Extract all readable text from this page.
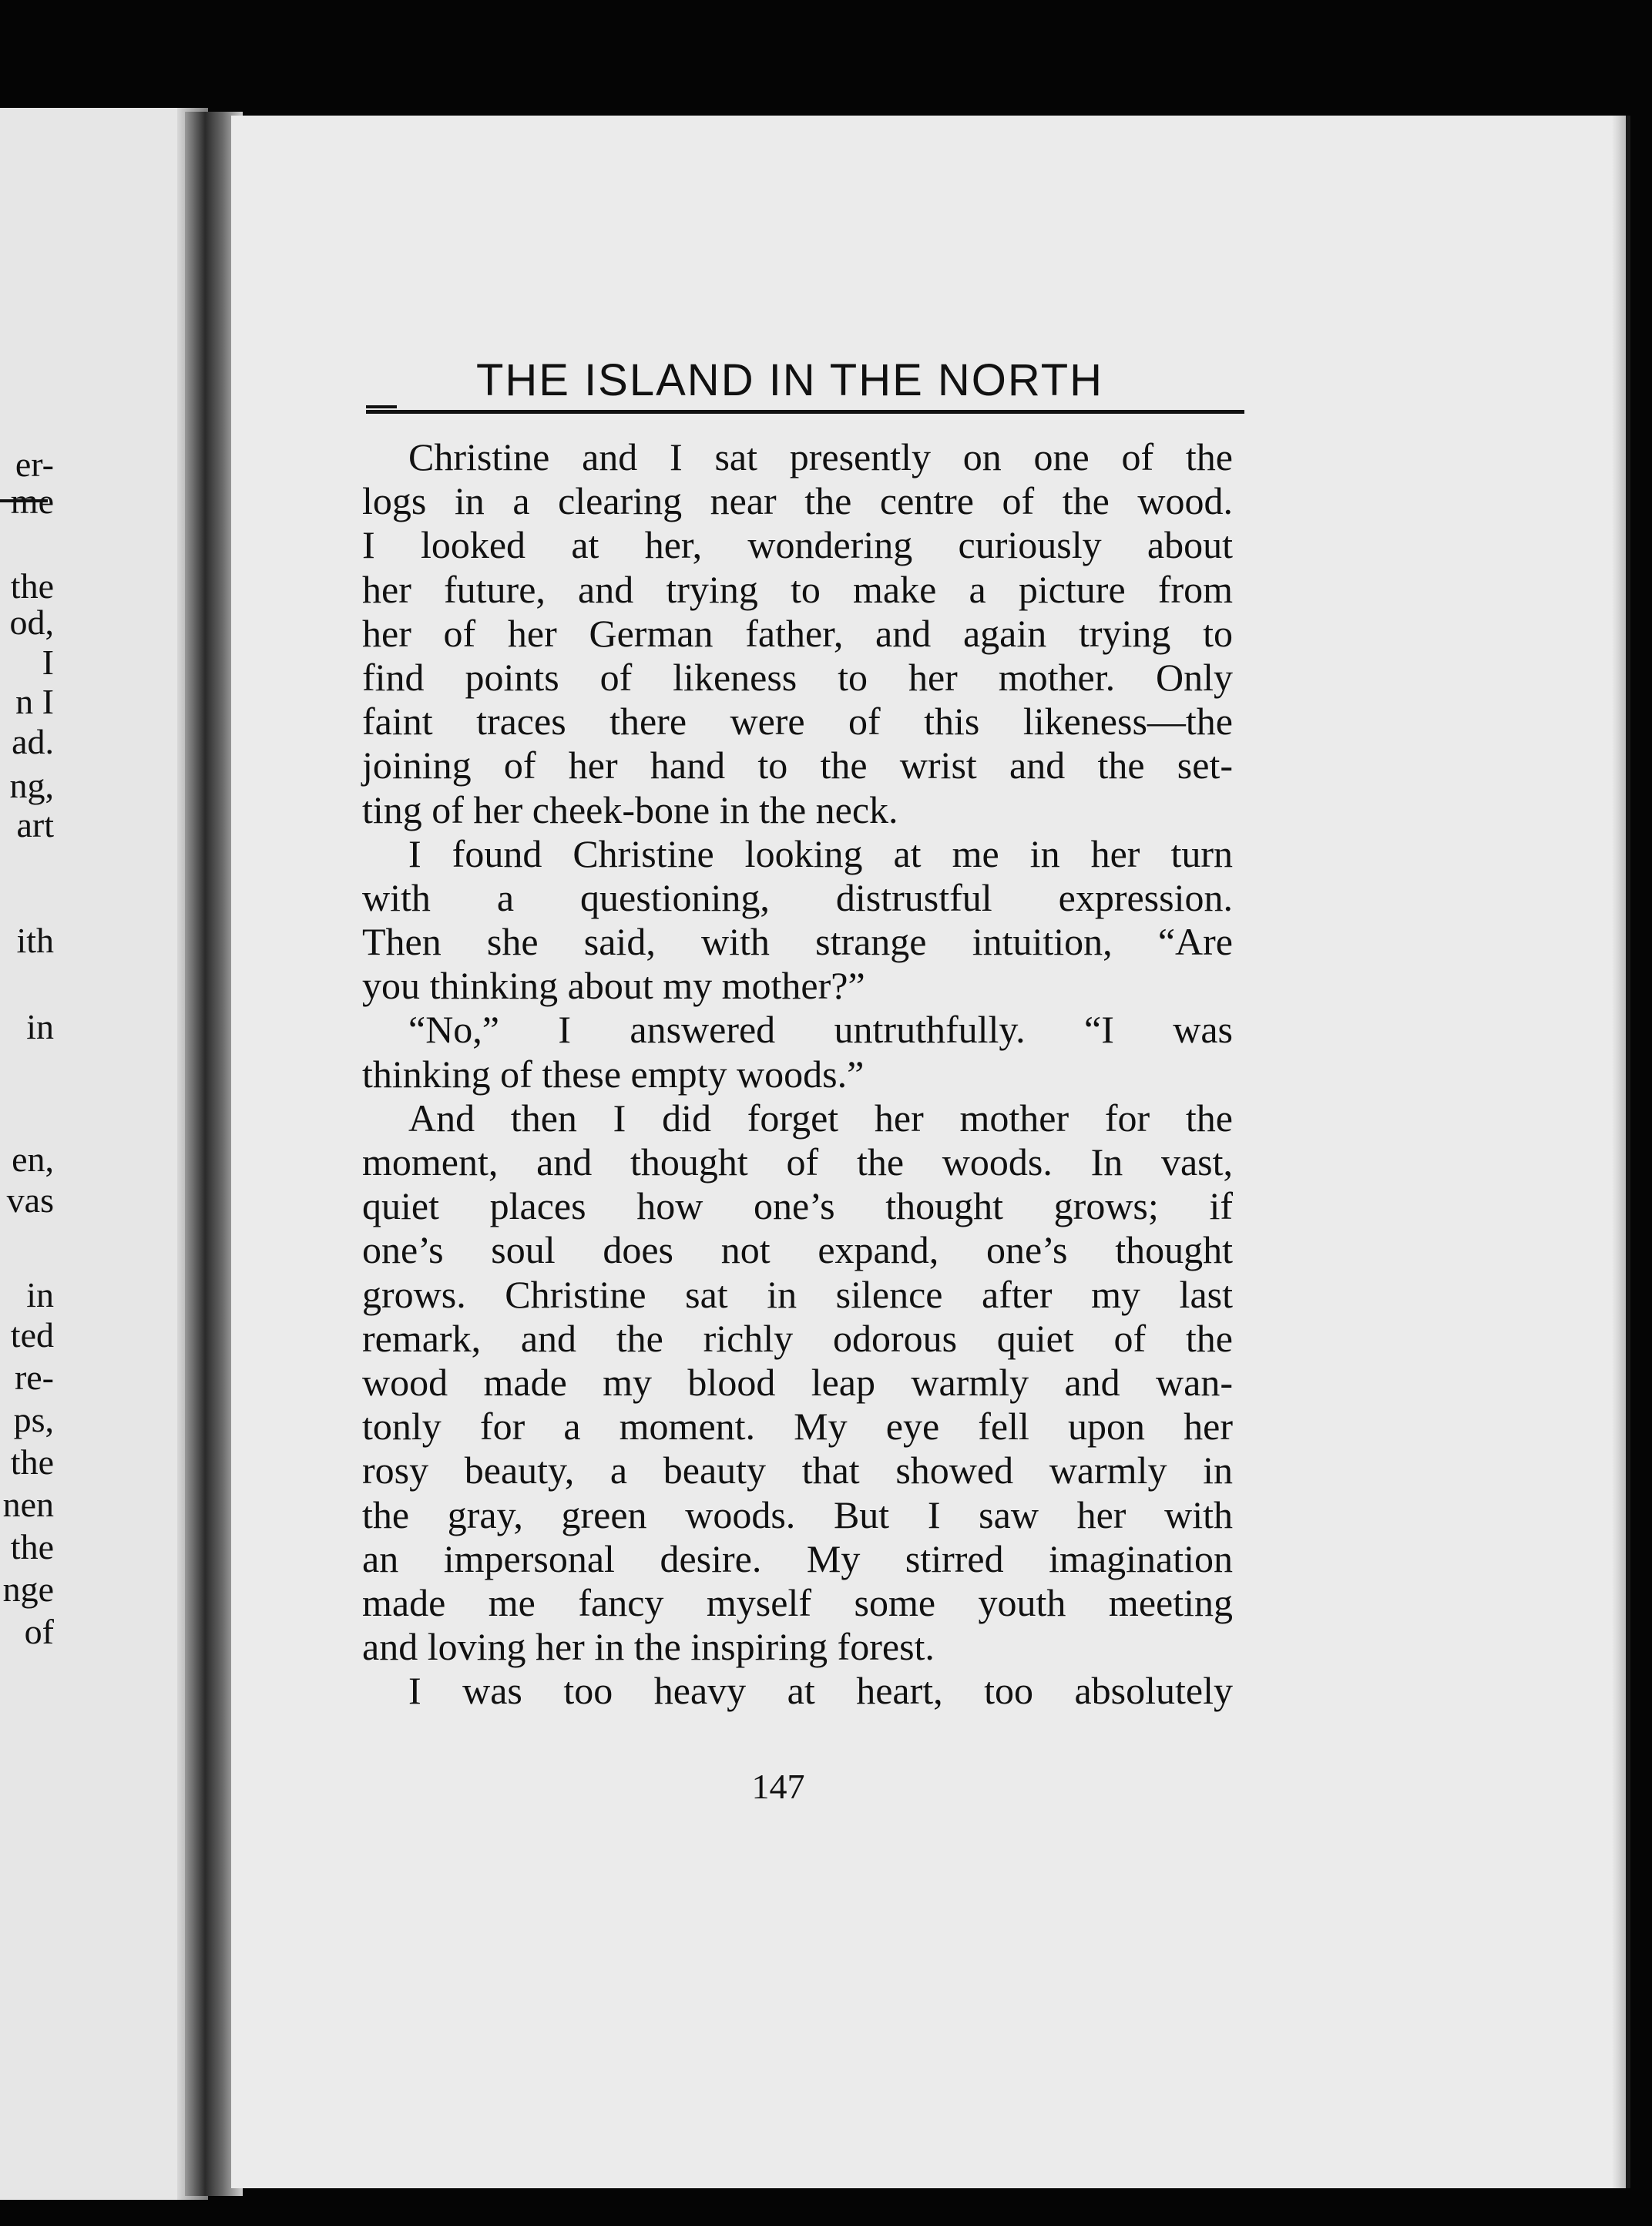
er-
me
the
od,
I
n I
ad.
ng,
art
ith
in
en,
vas
in
ted
re-
ps,
the
nen
the
nge
of
THE ISLAND IN THE NORTH
Christine and I sat presently on one of the
logs in a clearing near the centre of the wood.
I looked at her, wondering curiously about
her future, and trying to make a picture from
her of her German father, and again trying to
find points of likeness to her mother. Only
faint traces there were of this likeness—the
joining of her hand to the wrist and the set-
ting of her cheek-bone in the neck.
I found Christine looking at me in her turn
with a questioning, distrustful expression.
Then she said, with strange intuition, “Are
you thinking about my mother?”
“No,” I answered untruthfully. “I was
thinking of these empty woods.”
And then I did forget her mother for the
moment, and thought of the woods. In vast,
quiet places how one’s thought grows; if
one’s soul does not expand, one’s thought
grows. Christine sat in silence after my last
remark, and the richly odorous quiet of the
wood made my blood leap warmly and wan-
tonly for a moment. My eye fell upon her
rosy beauty, a beauty that showed warmly in
the gray, green woods. But I saw her with
an impersonal desire. My stirred imagination
made me fancy myself some youth meeting
and loving her in the inspiring forest.
I was too heavy at heart, too absolutely
147
